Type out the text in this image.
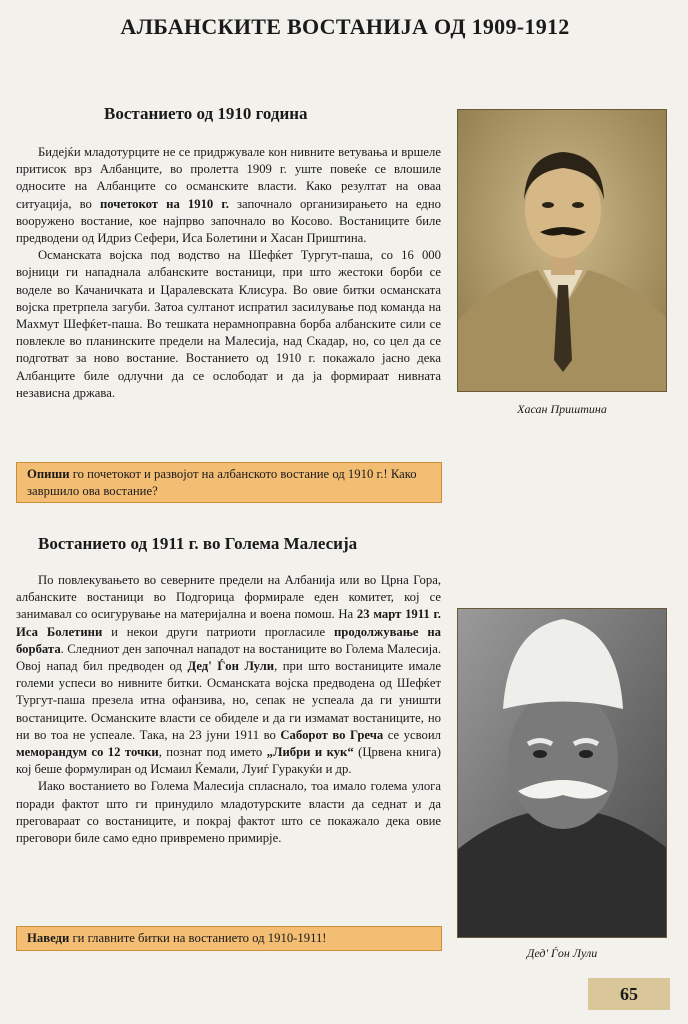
АЛБАНСКИТЕ ВОСТАНИЈА ОД 1909-1912
Востанието од 1910 година

Бидејќи младотурците не се придржувале кон нивните ветувања и вршеле притисок врз Албанците, во пролетта 1909 г. уште повеќе се влошиле односите на Албанците со османските власти. Како резултат на оваа ситуација, во почетокот на 1910 г. започнало организирањето на едно вооружено востание, кое најпрво започнало во Косово. Востаниците биле предводени од Идриз Сефери, Иса Болетини и Хасан Приштина.

Османската војска под водство на Шефќет Тургут-паша, со 16 000 војници ги нападнала албанските востаници, при што жестоки борби се воделе во Качаничката и Царалевската Клисура. Во овие битки османската војска претрпела загуби. Затоа султанот испратил засилување под команда на Махмут Шефќет-паша. Во тешката нерамноправна борба албанските сили се повлекле во планинските предели на Малесија, над Скадар, но, со цел да се подготват за ново востание. Востанието од 1910 г. покажало јасно дека Албанците биле одлучни да се ослободат и да ја формираат нивната независна држава.

Опиши го почетокот и развојот на албанското востание од 1910 г.! Како завршило ова востание?
Востанието од 1911 г. во Голема Малесија

По повлекувањето во северните предели на Албанија или во Црна Гора, албанските востаници во Подгорица формирале еден комитет, кој се занимавал со осигурување на материјална и воена помош. На 23 март 1911 г. Иса Болетини и некои други патриоти прогласиле продолжување на борбата. Следниот ден започнал нападот на востаниците во Голема Малесија. Овој напад бил предводен од Дед' Ѓон Лули, при што востаниците имале големи успеси во нивните битки. Османската војска предводена од Шефќет Тургут-паша презела итна офанзива, но, сепак не успеала да ги уништи востаниците. Османските власти се обиделе и да ги измамат востаниците, но ни во тоа не успеале. Така, на 23 јуни 1911 во Саборот во Греча се усвоил меморандум со 12 точки, познат под името „Либри и кук“ (Црвена книга) кој беше формулиран од Исмаил Ќемали, Луиѓ Гуракуќи и др.

Иако востанието во Голема Малесија спласнало, тоа имало голема улога поради фактот што ги принудило младотурските власти да седнат и да преговараат со востаниците, и покрај фактот што се покажало дека овие преговори биле само едно привремено примирје.

Наведи ги главните битки на востанието од 1910-1911!
Хасан Приштина
Дед' Ѓон Лули
65
